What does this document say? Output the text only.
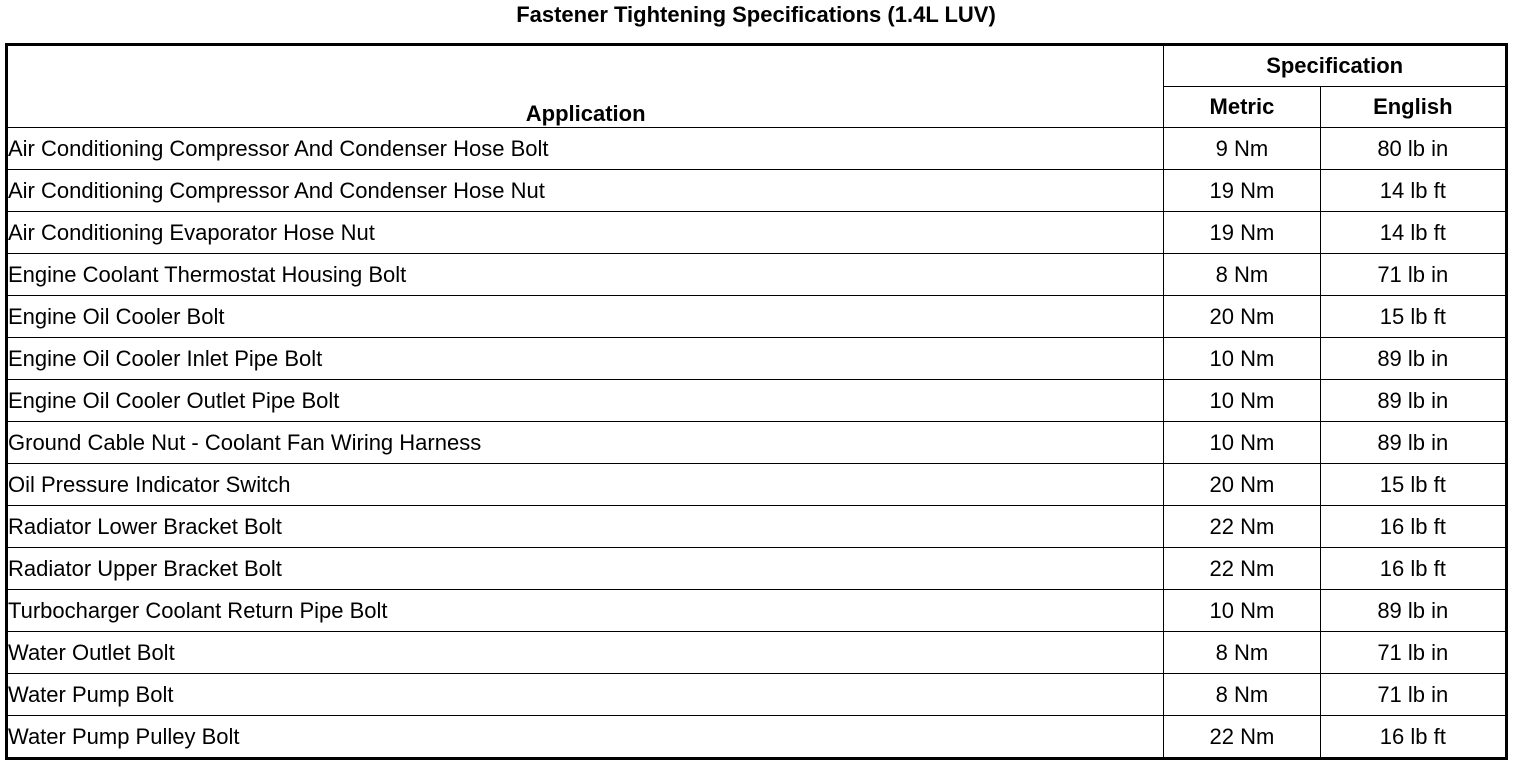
Fastener Tightening Specifications (1.4L LUV)
Application	Specification	
	Metric	English
Air Conditioning Compressor And Condenser Hose Bolt	9 Nm	80 lb in
Air Conditioning Compressor And Condenser Hose Nut	19 Nm	14 lb ft
Air Conditioning Evaporator Hose Nut	19 Nm	14 lb ft
Engine Coolant Thermostat Housing Bolt	8 Nm	71 lb in
Engine Oil Cooler Bolt	20 Nm	15 lb ft
Engine Oil Cooler Inlet Pipe Bolt	10 Nm	89 lb in
Engine Oil Cooler Outlet Pipe Bolt	10 Nm	89 lb in
Ground Cable Nut - Coolant Fan Wiring Harness	10 Nm	89 lb in
Oil Pressure Indicator Switch	20 Nm	15 lb ft
Radiator Lower Bracket Bolt	22 Nm	16 lb ft
Radiator Upper Bracket Bolt	22 Nm	16 lb ft
Turbocharger Coolant Return Pipe Bolt	10 Nm	89 lb in
Water Outlet Bolt	8 Nm	71 lb in
Water Pump Bolt	8 Nm	71 lb in
Water Pump Pulley Bolt	22 Nm	16 lb ft
